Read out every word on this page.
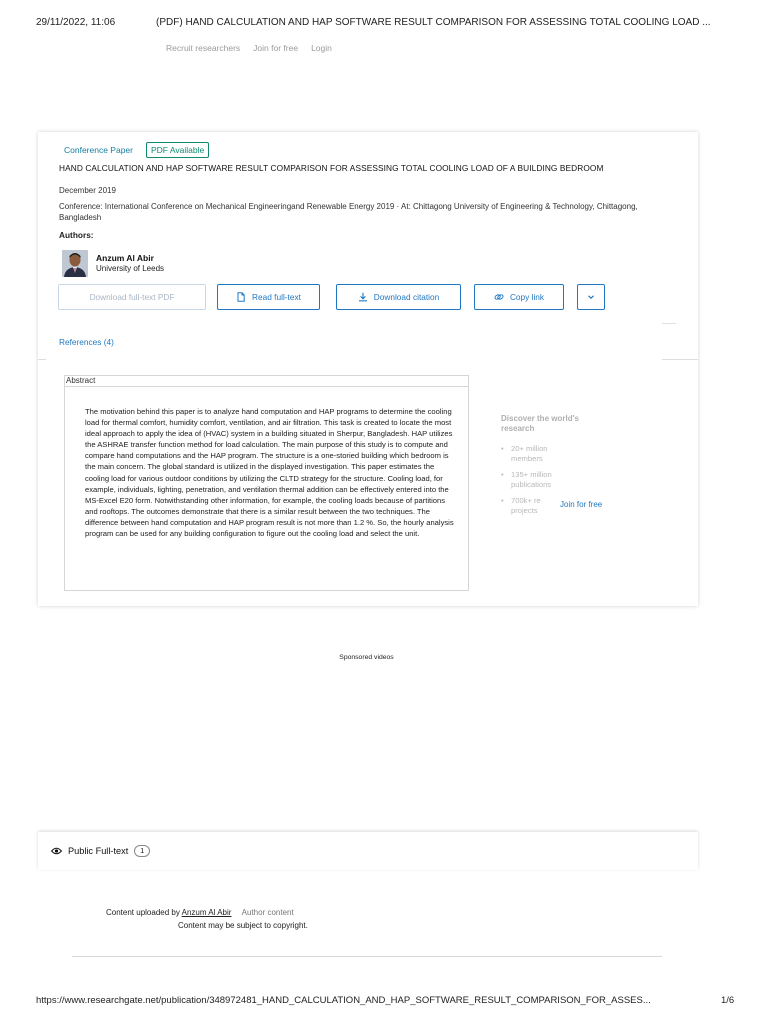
29/11/2022, 11:06	(PDF) HAND CALCULATION AND HAP SOFTWARE RESULT COMPARISON FOR ASSESSING TOTAL COOLING LOAD ...
Recruit researchers Join for free Login
Conference Paper	PDF Available
HAND CALCULATION AND HAP SOFTWARE RESULT COMPARISON FOR ASSESSING TOTAL COOLING LOAD OF A BUILDING BEDROOM
December 2019
Conference: International Conference on Mechanical Engineeringand Renewable Energy 2019 · At: Chittagong University of Engineering & Technology, Chittagong, Bangladesh
Authors:
Anzum Al Abir
University of Leeds
Download full-text PDF	Read full-text	Download citation	Copy link
References (4)
Abstract
The motivation behind this paper is to analyze hand computation and HAP programs to determine the cooling load for thermal comfort, humidity comfort, ventilation, and air filtration. This task is created to locate the most ideal approach to apply the idea of (HVAC) system in a building situated in Sherpur, Bangladesh. HAP utilizes the ASHRAE transfer function method for load calculation. The main purpose of this study is to compute and compare hand computations and the HAP program. The structure is a one-storied building which bedroom is the main concern. The global standard is utilized in the displayed investigation. This paper estimates the cooling load for various outdoor conditions by utilizing the CLTD strategy for the structure. Cooling load, for example, individuals, lighting, penetration, and ventilation thermal addition can be effectively entered into the MS-Excel E20 form. Notwithstanding other information, for example, the cooling loads because of partitions and rooftops. The outcomes demonstrate that there is a similar result between the two techniques. The difference between hand computation and HAP program result is not more than 1.2 %. So, the hourly analysis program can be used for any building configuration to figure out the cooling load and select the unit.
Discover the world's research
• 20+ million
members
• 135+ million
publications
• 700k+ re
projects
Join for free
Sponsored videos
Public Full-text	1
Content uploaded by Anzum Al Abir Author content
Content may be subject to copyright.
https://www.researchgate.net/publication/348972481_HAND_CALCULATION_AND_HAP_SOFTWARE_RESULT_COMPARISON_FOR_ASSES...	1/6
